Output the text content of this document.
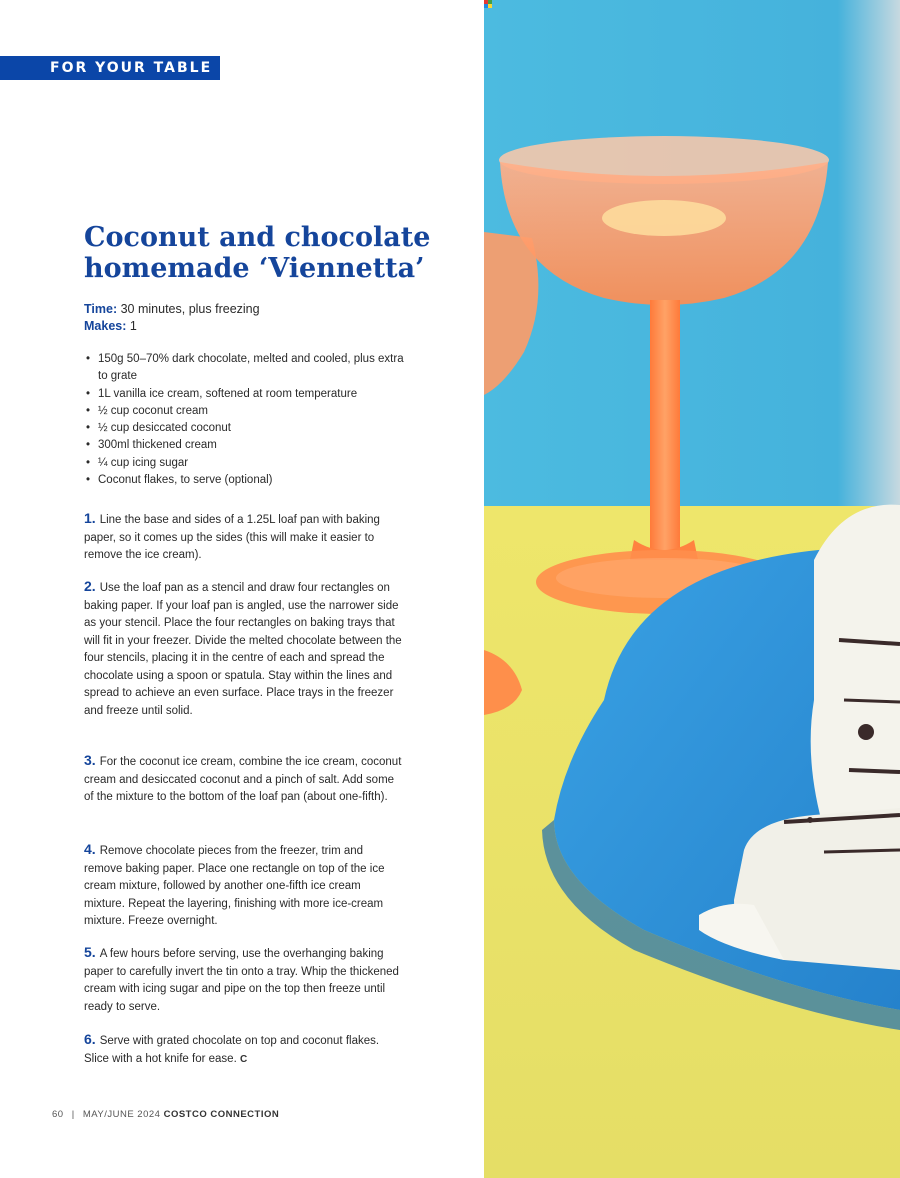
FOR YOUR TABLE
Coconut and chocolate
homemade ‘Viennetta’
Time: 30 minutes, plus freezing
Makes: 1
• 150g 50–70% dark chocolate, melted and cooled, plus extra to grate
• 1L vanilla ice cream, softened at room temperature
• ½ cup coconut cream
• ½ cup desiccated coconut
• 300ml thickened cream
• ¼ cup icing sugar
• Coconut flakes, to serve (optional)

1. Line the base and sides of a 1.25L loaf pan with baking paper, so it comes up the sides (this will make it easier to remove the ice cream).

2. Use the loaf pan as a stencil and draw four rectangles on baking paper. If your loaf pan is angled, use the narrower side as your stencil. Place the four rectangles on baking trays that will fit in your freezer. Divide the melted chocolate between the four stencils, placing it in the centre of each and spread the chocolate using a spoon or spatula. Stay within the lines and spread to achieve an even surface. Place trays in the freezer and freeze until solid.

3. For the coconut ice cream, combine the ice cream, coconut cream and desiccated coconut and a pinch of salt. Add some of the mixture to the bottom of the loaf pan (about one-fifth).

4. Remove chocolate pieces from the freezer, trim and remove baking paper. Place one rectangle on top of the ice cream mixture, followed by another one-fifth ice cream mixture. Repeat the layering, finishing with more ice-cream mixture. Freeze overnight.

5. A few hours before serving, use the overhanging baking paper to carefully invert the tin onto a tray. Whip the thickened cream with icing sugar and pipe on the top then freeze until ready to serve.

6. Serve with grated chocolate on top and coconut flakes. Slice with a hot knife for ease. C

60 | MAY/JUNE 2024 COSTCO CONNECTION
